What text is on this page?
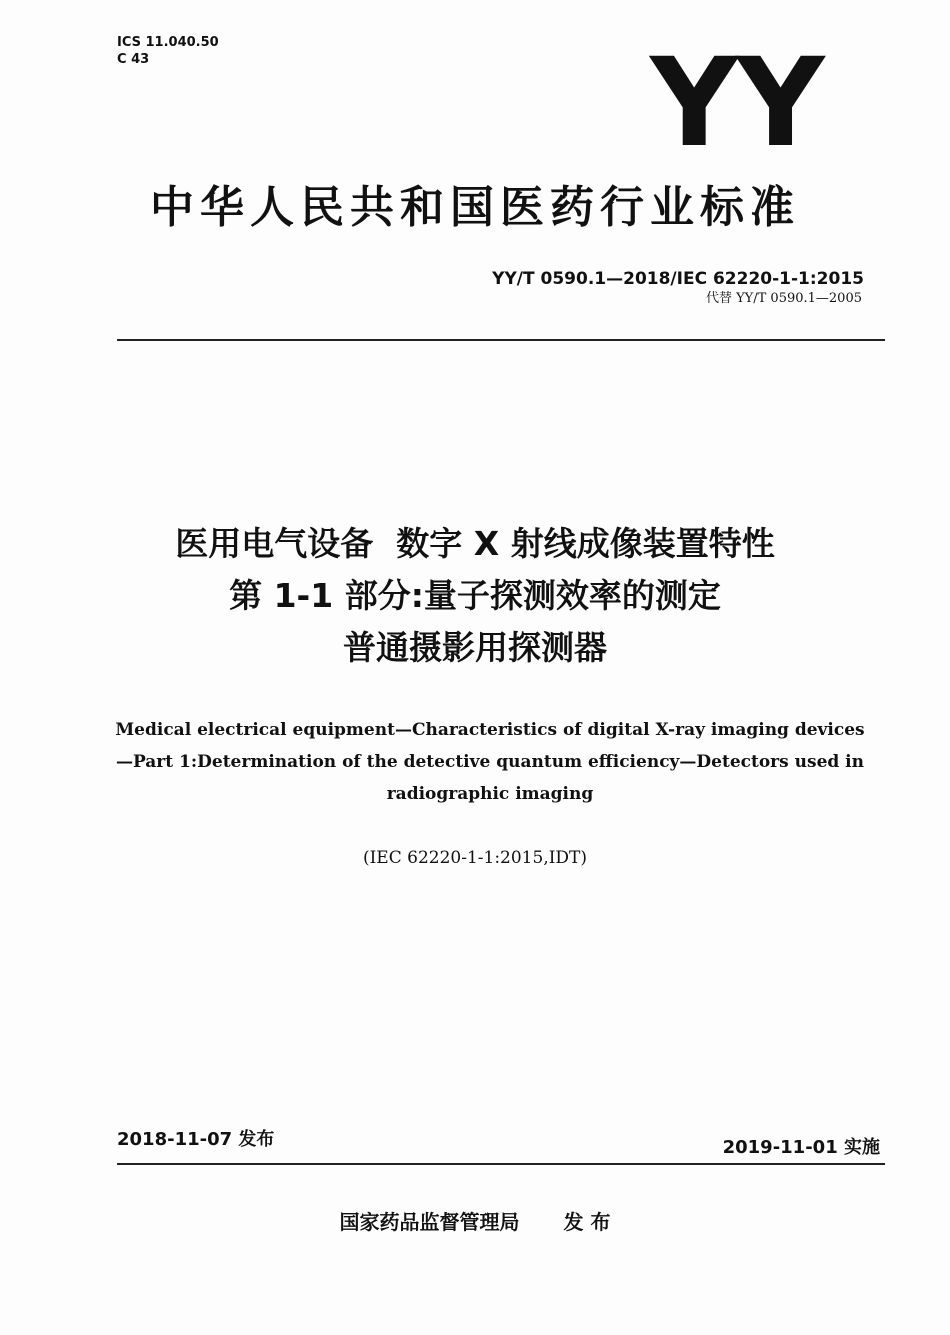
ICS 11.040.50
C 43	YY
中华人民共和国医药行业标准
YY/T 0590.1—2018/IEC 62220-1-1:2015
代替 YY/T 0590.1—2005
医用电气设备  数字 X 射线成像装置特性
第 1-1 部分:量子探测效率的测定
普通摄影用探测器
Medical electrical equipment—Characteristics of digital X-ray imaging devices—Part 1:Determination of the detective quantum efficiency—Detectors used in radiographic imaging
(IEC 62220-1-1:2015,IDT)
2018-11-07 发布	2019-11-01 实施
国家药品监督管理局 发 布
